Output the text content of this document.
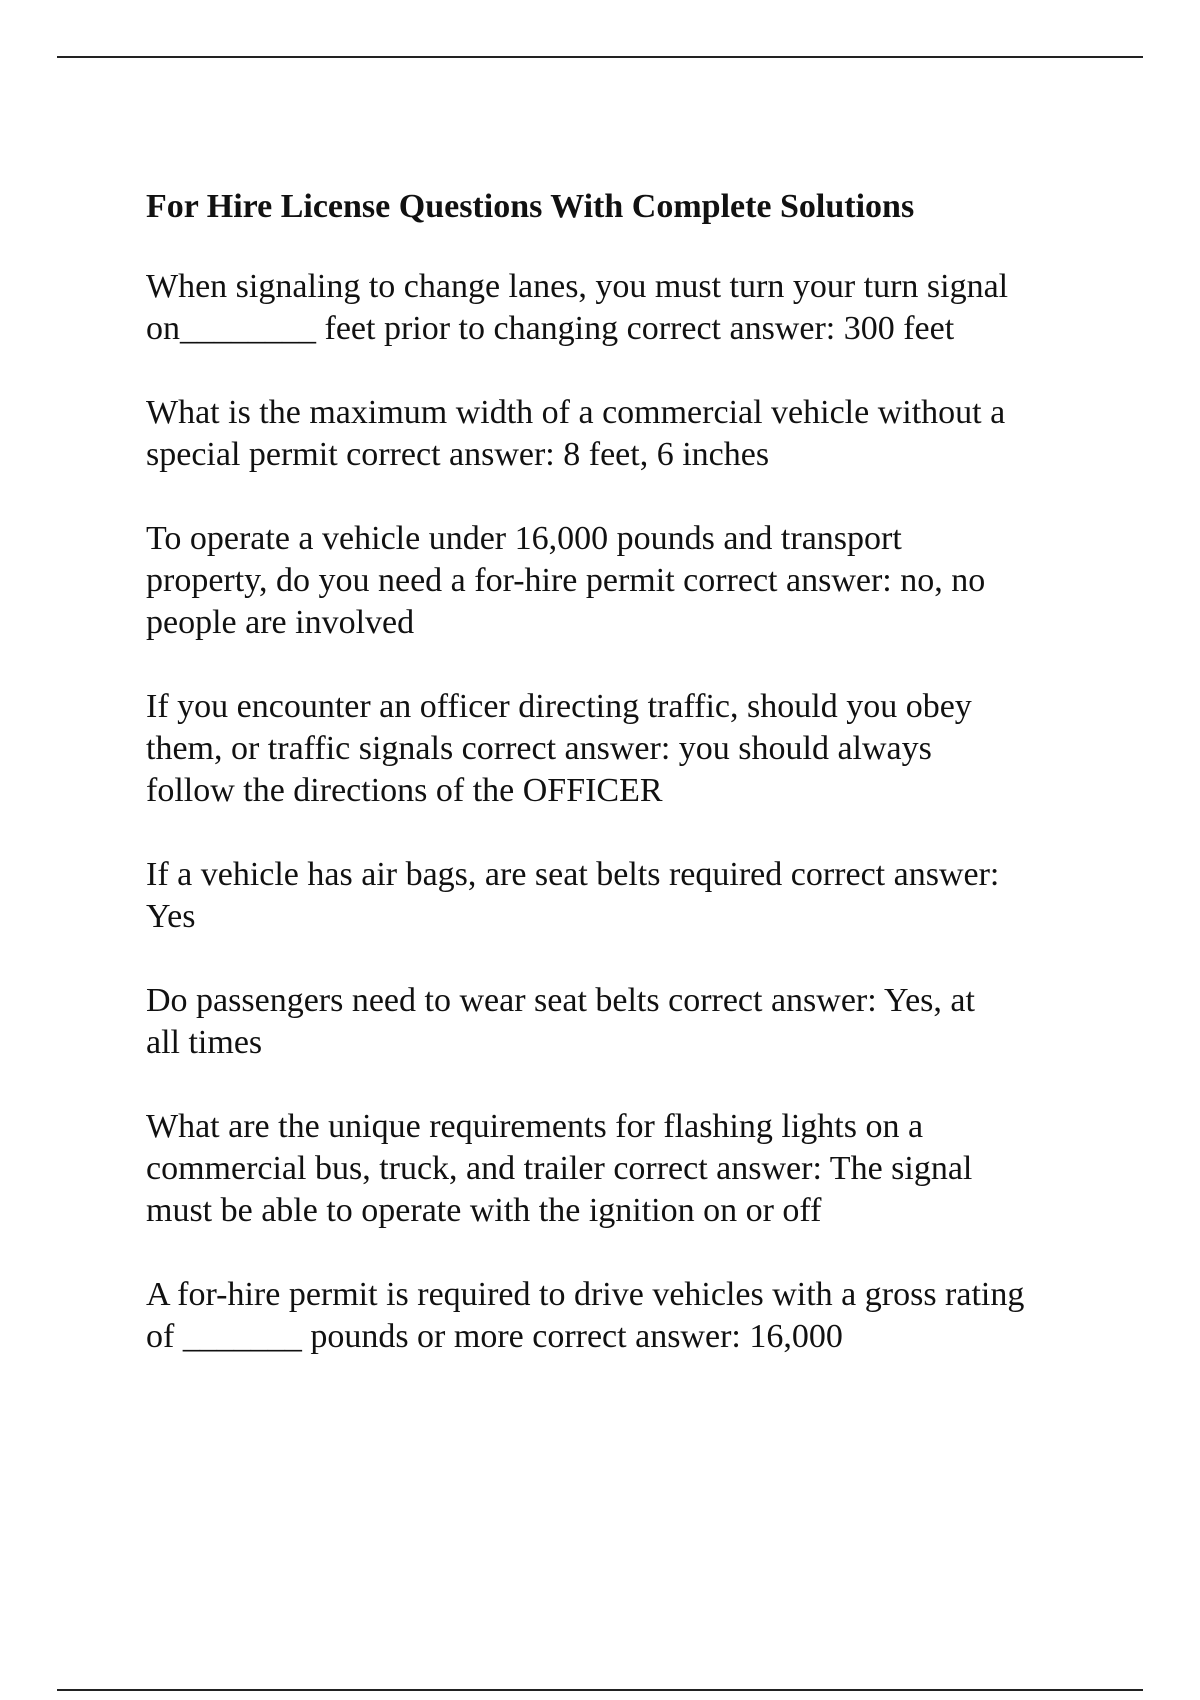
For Hire License Questions With Complete Solutions

When signaling to change lanes, you must turn your turn signal
on________ feet prior to changing correct answer: 300 feet

What is the maximum width of a commercial vehicle without a
special permit correct answer: 8 feet, 6 inches

To operate a vehicle under 16,000 pounds and transport
property, do you need a for-hire permit correct answer: no, no
people are involved

If you encounter an officer directing traffic, should you obey
them, or traffic signals correct answer: you should always
follow the directions of the OFFICER

If a vehicle has air bags, are seat belts required correct answer:
Yes

Do passengers need to wear seat belts correct answer: Yes, at
all times

What are the unique requirements for flashing lights on a
commercial bus, truck, and trailer correct answer: The signal
must be able to operate with the ignition on or off

A for-hire permit is required to drive vehicles with a gross rating
of _______ pounds or more correct answer: 16,000
